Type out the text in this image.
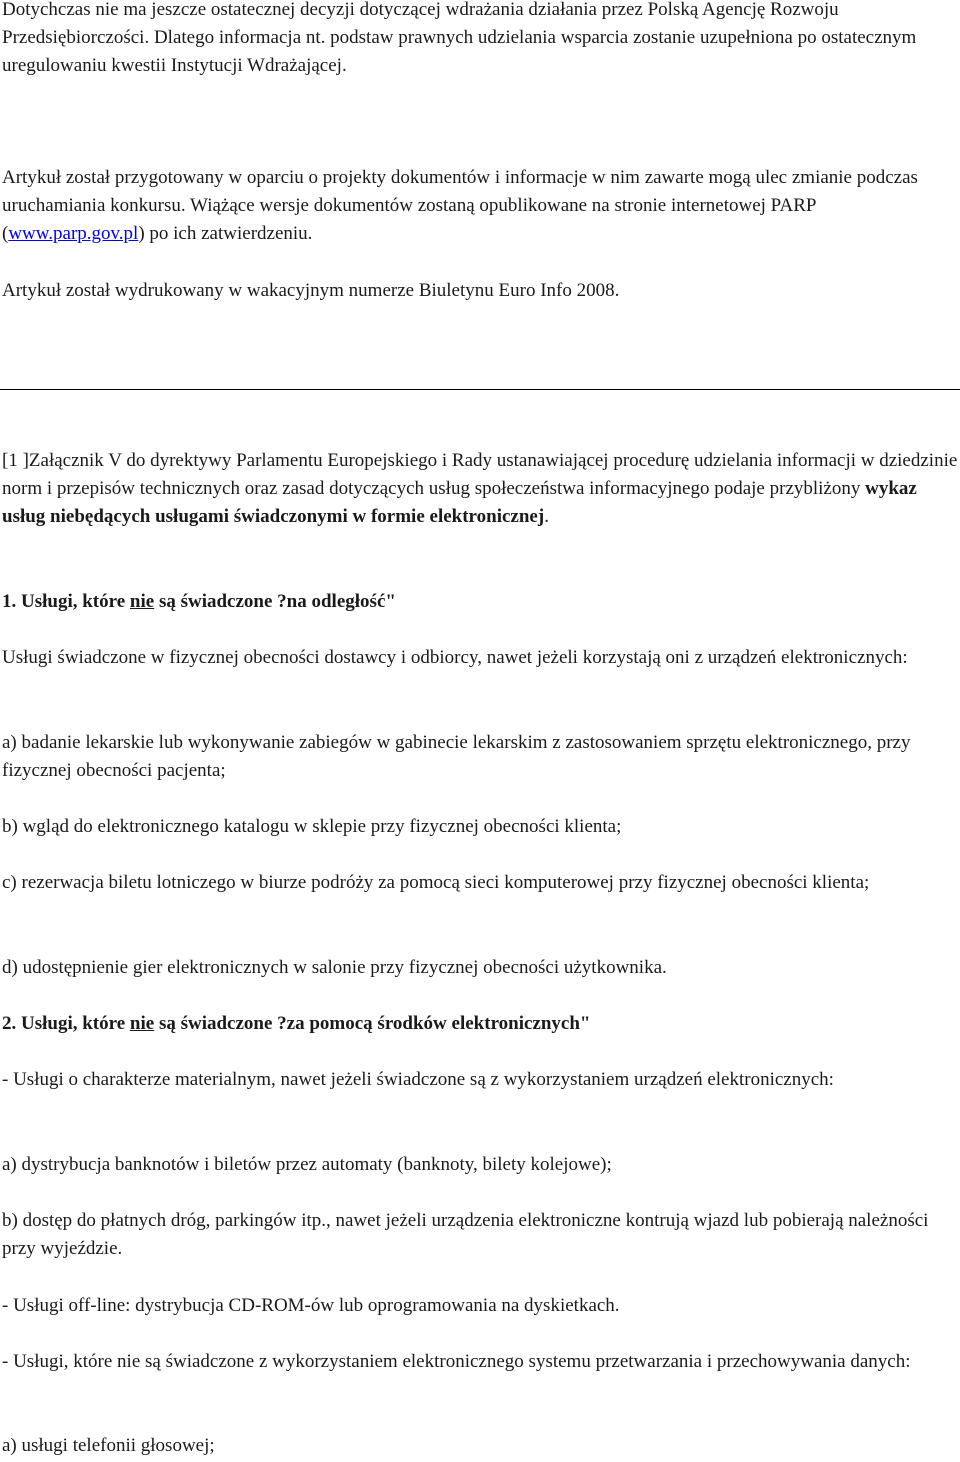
Dotychczas nie ma jeszcze ostatecznej decyzji dotyczącej wdrażania działania przez Polską Agencję Rozwoju Przedsiębiorczości. Dlatego informacja nt. podstaw prawnych udzielania wsparcia zostanie uzupełniona po ostatecznym uregulowaniu kwestii Instytucji Wdrażającej.

Artykuł został przygotowany w oparciu o projekty dokumentów i informacje w nim zawarte mogą ulec zmianie podczas uruchamiania konkursu. Wiążące wersje dokumentów zostaną opublikowane na stronie internetowej PARP (www.parp.gov.pl) po ich zatwierdzeniu.

Artykuł został wydrukowany w wakacyjnym numerze Biuletynu Euro Info 2008.

[1 ]Załącznik V do dyrektywy Parlamentu Europejskiego i Rady ustanawiającej procedurę udzielania informacji w dziedzinie norm i przepisów technicznych oraz zasad dotyczących usług społeczeństwa informacyjnego podaje przybliżony wykaz usług niebędących usługami świadczonymi w formie elektronicznej.

1. Usługi, które nie są świadczone ?na odległość"

Usługi świadczone w fizycznej obecności dostawcy i odbiorcy, nawet jeżeli korzystają oni z urządzeń elektronicznych:

a) badanie lekarskie lub wykonywanie zabiegów w gabinecie lekarskim z zastosowaniem sprzętu elektronicznego, przy fizycznej obecności pacjenta;

b) wgląd do elektronicznego katalogu w sklepie przy fizycznej obecności klienta;

c) rezerwacja biletu lotniczego w biurze podróży za pomocą sieci komputerowej przy fizycznej obecności klienta;

d) udostępnienie gier elektronicznych w salonie przy fizycznej obecności użytkownika.

2. Usługi, które nie są świadczone ?za pomocą środków elektronicznych"

- Usługi o charakterze materialnym, nawet jeżeli świadczone są z wykorzystaniem urządzeń elektronicznych:

a) dystrybucja banknotów i biletów przez automaty (banknoty, bilety kolejowe);

b) dostęp do płatnych dróg, parkingów itp., nawet jeżeli urządzenia elektroniczne kontrują wjazd lub pobierają należności przy wyjeździe.

- Usługi off-line: dystrybucja CD-ROM-ów lub oprogramowania na dyskietkach.

- Usługi, które nie są świadczone z wykorzystaniem elektronicznego systemu przetwarzania i przechowywania danych:

a) usługi telefonii głosowej;
